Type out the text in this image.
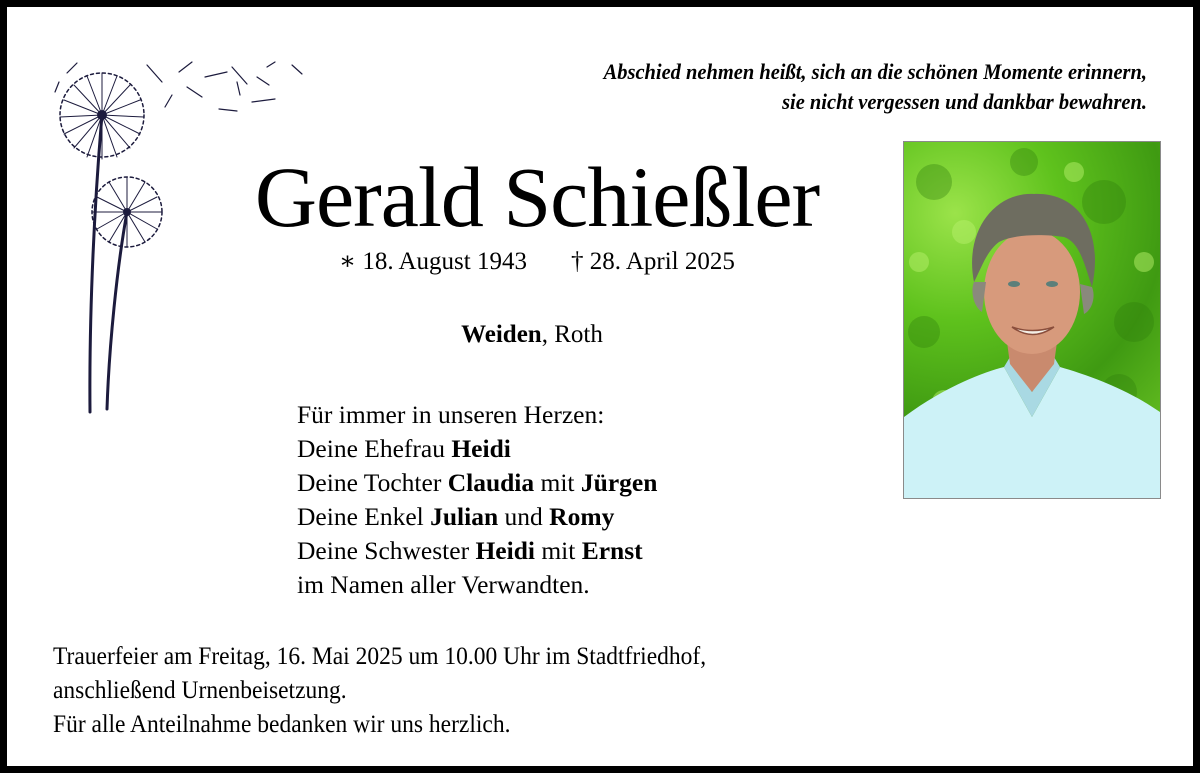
Abschied nehmen heißt, sich an die schönen Momente erinnern,
sie nicht vergessen und dankbar bewahren.
Gerald Schießler
∗ 18. August 1943 † 28. April 2025
Weiden, Roth
Für immer in unseren Herzen:
Deine Ehefrau Heidi
Deine Tochter Claudia mit Jürgen
Deine Enkel Julian und Romy
Deine Schwester Heidi mit Ernst
im Namen aller Verwandten.
Trauerfeier am Freitag, 16. Mai 2025 um 10.00 Uhr im Stadtfriedhof,
anschließend Urnenbeisetzung.
Für alle Anteilnahme bedanken wir uns herzlich.
